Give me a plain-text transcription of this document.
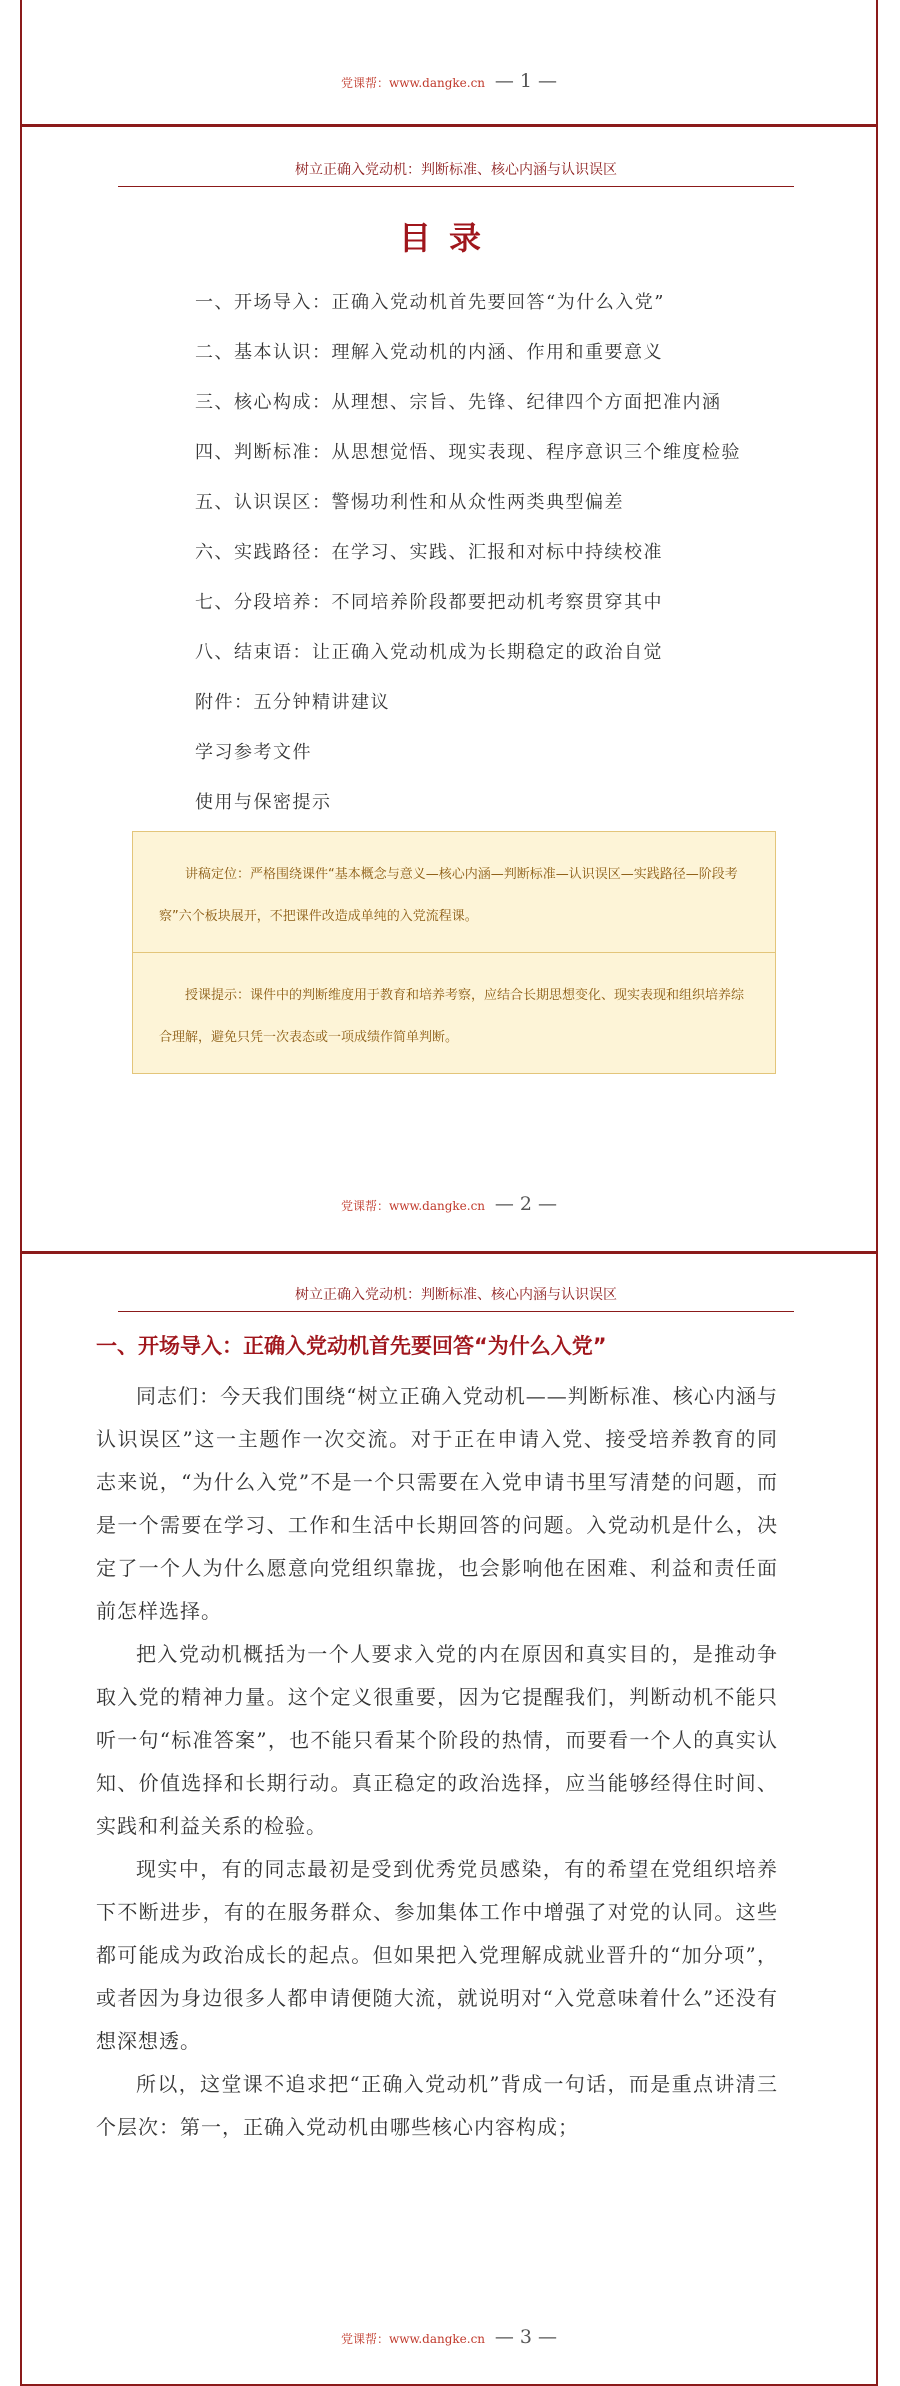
党课帮：www.dangke.cn — 1 —
树立正确入党动机：判断标准、核心内涵与认识误区
目录
一、开场导入：正确入党动机首先要回答“为什么入党”
二、基本认识：理解入党动机的内涵、作用和重要意义
三、核心构成：从理想、宗旨、先锋、纪律四个方面把准内涵
四、判断标准：从思想觉悟、现实表现、程序意识三个维度检验
五、认识误区：警惕功利性和从众性两类典型偏差
六、实践路径：在学习、实践、汇报和对标中持续校准
七、分段培养：不同培养阶段都要把动机考察贯穿其中
八、结束语：让正确入党动机成为长期稳定的政治自觉
附件：五分钟精讲建议
学习参考文件
使用与保密提示
讲稿定位：严格围绕课件“基本概念与意义—核心内涵—判断标准—认识误区—实践路径—阶段考察”六个板块展开，不把课件改造成单纯的入党流程课。
授课提示：课件中的判断维度用于教育和培养考察，应结合长期思想变化、现实表现和组织培养综合理解，避免只凭一次表态或一项成绩作简单判断。
党课帮：www.dangke.cn — 2 —
树立正确入党动机：判断标准、核心内涵与认识误区
党课帮：www.dangke.cn — 3 —
一、开场导入：正确入党动机首先要回答“为什么入党”

同志们：今天我们围绕“树立正确入党动机——判断标准、核心内涵与认识误区”这一主题作一次交流。对于正在申请入党、接受培养教育的同志来说，“为什么入党”不是一个只需要在入党申请书里写清楚的问题，而是一个需要在学习、工作和生活中长期回答的问题。入党动机是什么，决定了一个人为什么愿意向党组织靠拢，也会影响他在困难、利益和责任面前怎样选择。

把入党动机概括为一个人要求入党的内在原因和真实目的，是推动争取入党的精神力量。这个定义很重要，因为它提醒我们，判断动机不能只听一句“标准答案”，也不能只看某个阶段的热情，而要看一个人的真实认知、价值选择和长期行动。真正稳定的政治选择，应当能够经得住时间、实践和利益关系的检验。

现实中，有的同志最初是受到优秀党员感染，有的希望在党组织培养下不断进步，有的在服务群众、参加集体工作中增强了对党的认同。这些都可能成为政治成长的起点。但如果把入党理解成就业晋升的“加分项”，或者因为身边很多人都申请便随大流，就说明对“入党意味着什么”还没有想深想透。

所以，这堂课不追求把“正确入党动机”背成一句话，而是重点讲清三个层次：第一，正确入党动机由哪些核心内容构成；
